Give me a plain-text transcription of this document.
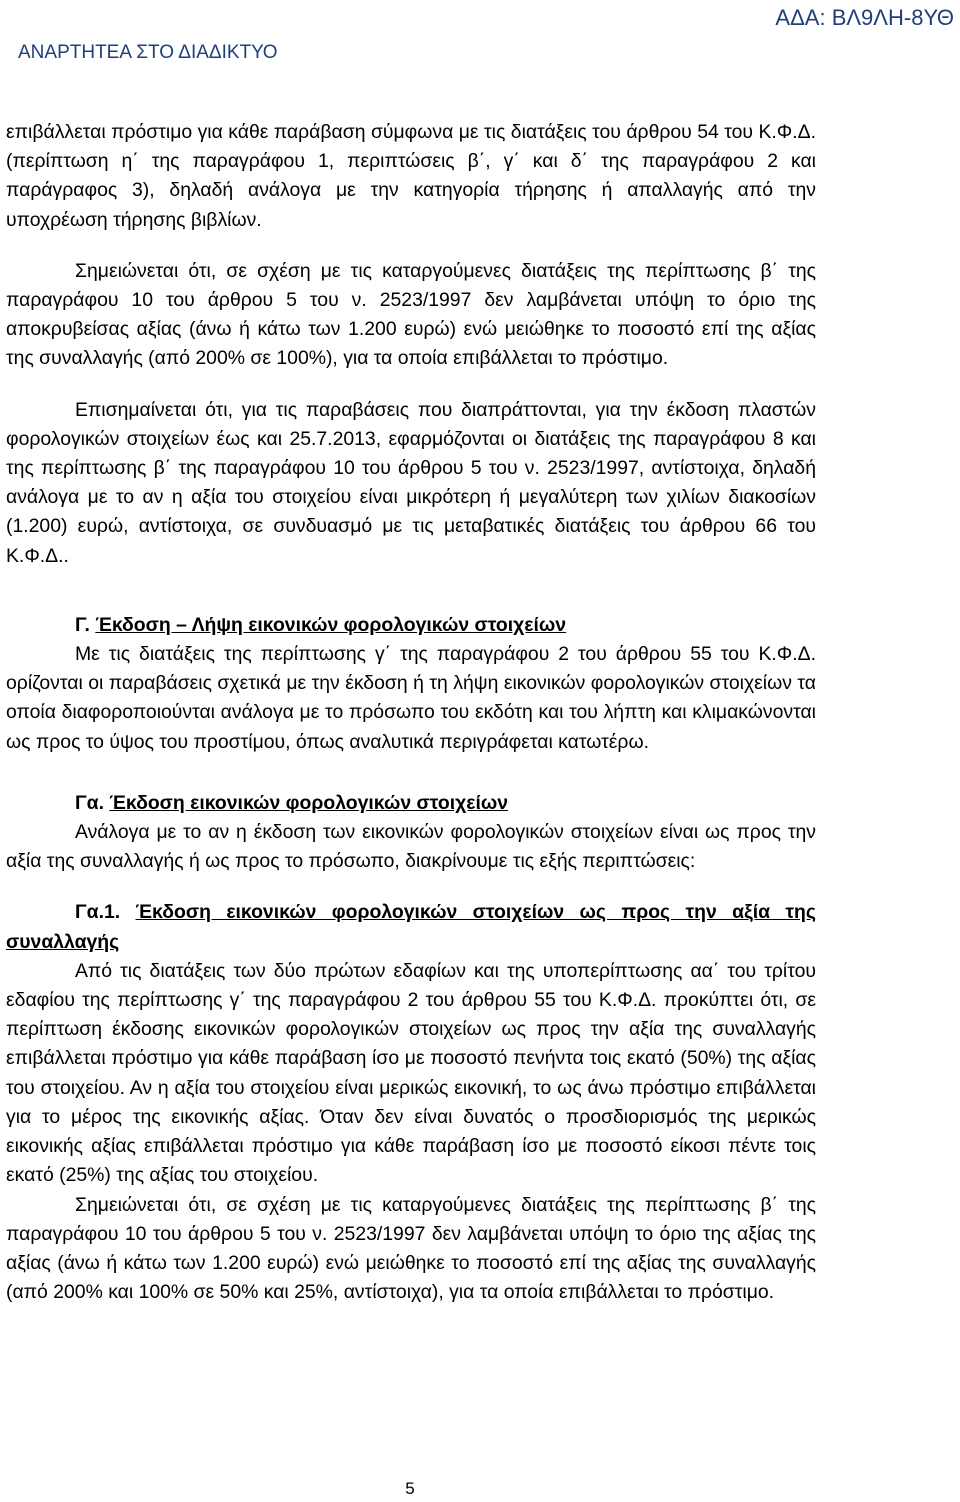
ΑΔΑ: ΒΛ9ΛΗ-8ΥΘ
ΑΝΑΡΤΗΤΕΑ ΣΤΟ ΔΙΑΔΙΚΤΥΟ

επιβάλλεται πρόστιμο για κάθε παράβαση σύμφωνα με τις διατάξεις του άρθρου 54 του Κ.Φ.Δ. (περίπτωση η΄ της παραγράφου 1, περιπτώσεις β΄, γ΄ και δ΄ της παραγράφου 2 και παράγραφος 3), δηλαδή ανάλογα με την κατηγορία τήρησης ή απαλλαγής από την υποχρέωση τήρησης βιβλίων.

Σημειώνεται ότι, σε σχέση με τις καταργούμενες διατάξεις της περίπτωσης β΄ της παραγράφου 10 του άρθρου 5 του ν. 2523/1997 δεν λαμβάνεται υπόψη το όριο της αποκρυβείσας αξίας (άνω ή κάτω των 1.200 ευρώ) ενώ μειώθηκε το ποσοστό επί της αξίας της συναλλαγής (από 200% σε 100%), για τα οποία επιβάλλεται το πρόστιμο.

Επισημαίνεται ότι, για τις παραβάσεις που διαπράττονται, για την έκδοση πλαστών φορολογικών στοιχείων έως και 25.7.2013, εφαρμόζονται οι διατάξεις της παραγράφου 8 και της περίπτωσης β΄ της παραγράφου 10 του άρθρου 5 του ν. 2523/1997, αντίστοιχα, δηλαδή ανάλογα με το αν η αξία του στοιχείου είναι μικρότερη ή μεγαλύτερη των χιλίων διακοσίων (1.200) ευρώ, αντίστοιχα, σε συνδυασμό με τις μεταβατικές διατάξεις του άρθρου 66 του Κ.Φ.Δ..

Γ. Έκδοση – Λήψη εικονικών φορολογικών στοιχείων

Με τις διατάξεις της περίπτωσης γ΄ της παραγράφου 2 του άρθρου 55 του Κ.Φ.Δ. ορίζονται οι παραβάσεις σχετικά με την έκδοση ή τη λήψη εικονικών φορολογικών στοιχείων τα οποία διαφοροποιούνται ανάλογα με το πρόσωπο του εκδότη και του λήπτη και κλιμακώνονται ως προς το ύψος του προστίμου, όπως αναλυτικά περιγράφεται κατωτέρω.

Γα. Έκδοση εικονικών φορολογικών στοιχείων

Ανάλογα με το αν η έκδοση των εικονικών φορολογικών στοιχείων είναι ως προς την αξία της συναλλαγής ή ως προς το πρόσωπο, διακρίνουμε τις εξής περιπτώσεις:

Γα.1. Έκδοση εικονικών φορολογικών στοιχείων ως προς την αξία της συναλλαγής

Από τις διατάξεις των δύο πρώτων εδαφίων και της υποπερίπτωσης αα΄ του τρίτου εδαφίου της περίπτωσης γ΄ της παραγράφου 2 του άρθρου 55 του Κ.Φ.Δ. προκύπτει ότι, σε περίπτωση έκδοσης εικονικών φορολογικών στοιχείων ως προς την αξία της συναλλαγής επιβάλλεται πρόστιμο για κάθε παράβαση ίσο με ποσοστό πενήντα τοις εκατό (50%) της αξίας του στοιχείου. Αν η αξία του στοιχείου είναι μερικώς εικονική, το ως άνω πρόστιμο επιβάλλεται για το μέρος της εικονικής αξίας. Όταν δεν είναι δυνατός ο προσδιορισμός της μερικώς εικονικής αξίας επιβάλλεται πρόστιμο για κάθε παράβαση ίσο με ποσοστό είκοσι πέντε τοις εκατό (25%) της αξίας του στοιχείου.

Σημειώνεται ότι, σε σχέση με τις καταργούμενες διατάξεις της περίπτωσης β΄ της παραγράφου 10 του άρθρου 5 του ν. 2523/1997 δεν λαμβάνεται υπόψη το όριο της αξίας της αξίας (άνω ή κάτω των 1.200 ευρώ) ενώ μειώθηκε το ποσοστό επί της αξίας της συναλλαγής (από 200% και 100% σε 50% και 25%, αντίστοιχα), για τα οποία επιβάλλεται το πρόστιμο.

5
